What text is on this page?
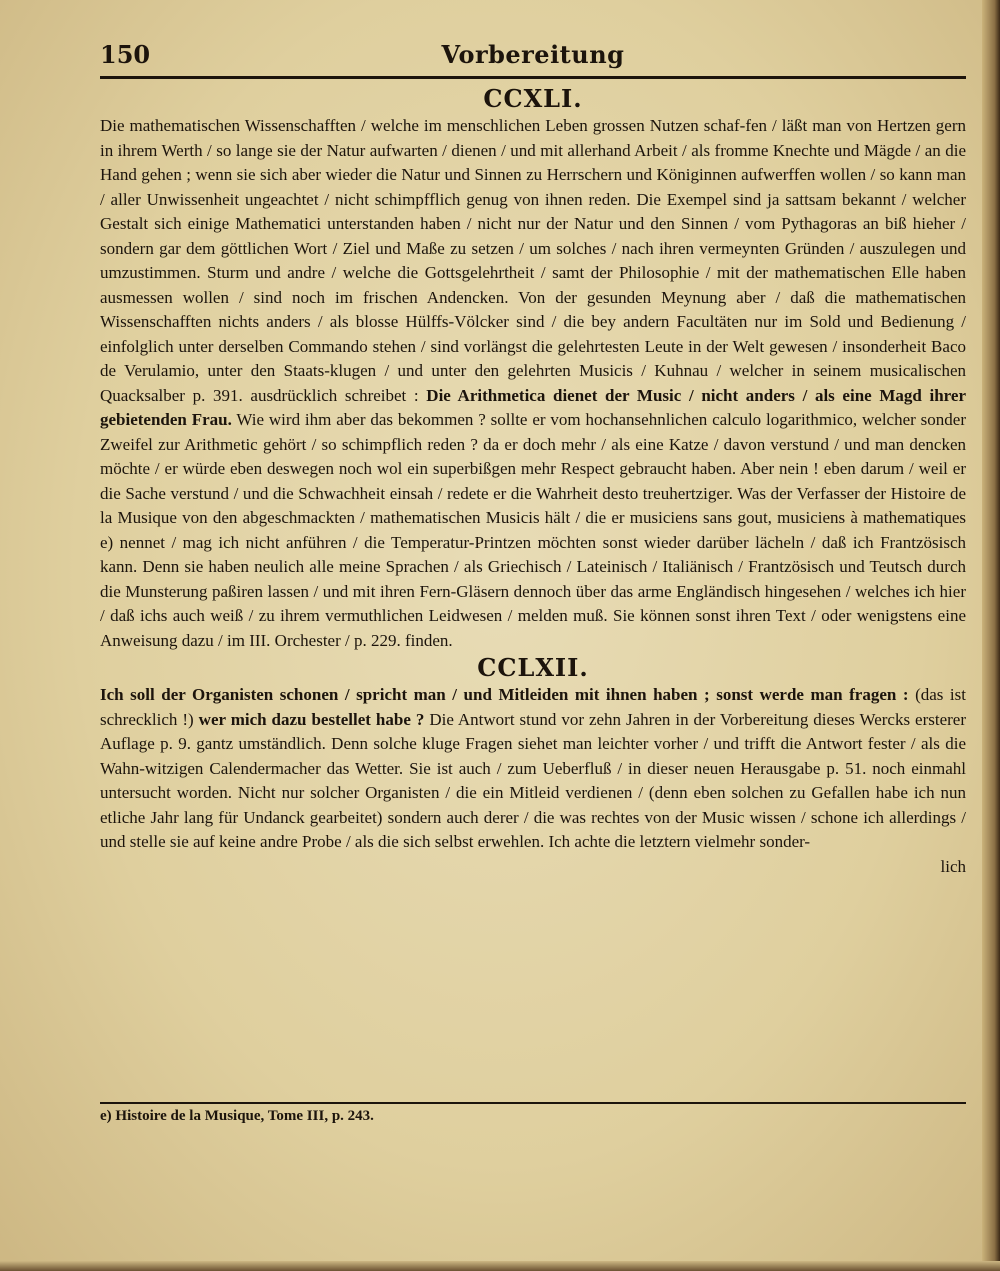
150	Vorbereitung
CCXLI.

Die mathematischen Wissenschafften / welche im menschlichen Leben grossen Nutzen schaf-fen / läßt man von Hertzen gern in ihrem Werth / so lange sie der Natur aufwarten / dienen / und mit allerhand Arbeit / als fromme Knechte und Mägde / an die Hand gehen ; wenn sie sich aber wieder die Natur und Sinnen zu Herrschern und Königinnen aufwerffen wollen / so kann man / aller Unwissenheit ungeachtet / nicht schimpfflich genug von ihnen reden. Die Exempel sind ja sattsam bekannt / welcher Gestalt sich einige Mathematici unterstanden haben / nicht nur der Natur und den Sinnen / vom Pythagoras an biß hieher / sondern gar dem göttlichen Wort / Ziel und Maße zu setzen / um solches / nach ihren vermeynten Gründen / auszulegen und umzustimmen. Sturm und andre / welche die Gottsgelehrtheit / samt der Philosophie / mit der mathematischen Elle haben ausmessen wollen / sind noch im frischen Andencken. Von der gesunden Meynung aber / daß die mathematischen Wissenschafften nichts anders / als blosse Hülffs-Völcker sind / die bey andern Facultäten nur im Sold und Bedienung / einfolglich unter derselben Commando stehen / sind vorlängst die gelehrtesten Leute in der Welt gewesen / insonderheit Baco de Verulamio, unter den Staats-klugen / und unter den gelehrten Musicis / Kuhnau / welcher in seinem musicalischen Quacksalber p. 391. ausdrücklich schreibet : Die Arithmetica dienet der Music / nicht anders / als eine Magd ihrer gebietenden Frau. Wie wird ihm aber das bekommen ? sollte er vom hochansehnlichen calculo logarithmico, welcher sonder Zweifel zur Arithmetic gehört / so schimpflich reden ? da er doch mehr / als eine Katze / davon verstund / und man dencken möchte / er würde eben deswegen noch wol ein superbißgen mehr Respect gebraucht haben. Aber nein ! eben darum / weil er die Sache verstund / und die Schwachheit einsah / redete er die Wahrheit desto treuhertziger. Was der Verfasser der Histoire de la Musique von den abgeschmackten / mathematischen Musicis hält / die er musiciens sans gout, musiciens à mathematiques e) nennet / mag ich nicht anführen / die Temperatur-Printzen möchten sonst wieder darüber lächeln / daß ich Frantzösisch kann. Denn sie haben neulich alle meine Sprachen / als Griechisch / Lateinisch / Italiänisch / Frantzösisch und Teutsch durch die Munsterung paßiren lassen / und mit ihren Fern-Gläsern dennoch über das arme Engländisch hingesehen / welches ich hier / daß ichs auch weiß / zu ihrem vermuthlichen Leidwesen / melden muß. Sie können sonst ihren Text / oder wenigstens eine Anweisung dazu / im III. Orchester / p. 229. finden.

CCLXII.

Ich soll der Organisten schonen / spricht man / und Mitleiden mit ihnen haben ; sonst werde man fragen : (das ist schrecklich !) wer mich dazu bestellet habe ? Die Antwort stund vor zehn Jahren in der Vorbereitung dieses Wercks ersterer Auflage p. 9. gantz umständlich. Denn solche kluge Fragen siehet man leichter vorher / und trifft die Antwort fester / als die Wahn-witzigen Calendermacher das Wetter. Sie ist auch / zum Ueberfluß / in dieser neuen Herausgabe p. 51. noch einmahl untersucht worden. Nicht nur solcher Organisten / die ein Mitleid verdienen / (denn eben solchen zu Gefallen habe ich nun etliche Jahr lang für Undanck gearbeitet) sondern auch derer / die was rechtes von der Music wissen / schone ich allerdings / und stelle sie auf keine andre Probe / als die sich selbst erwehlen. Ich achte die letztern vielmehr sonder-

lich
e) Histoire de la Musique, Tome III, p. 243.
